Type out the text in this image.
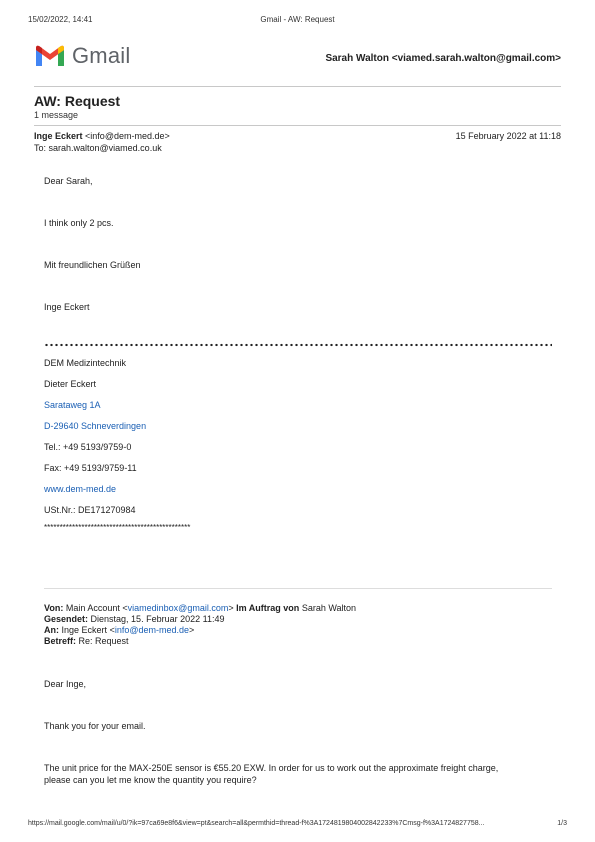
15/02/2022, 14:41	Gmail - AW: Request
Gmail	Sarah Walton <viamed.sarah.walton@gmail.com>
AW: Request
1 message
Inge Eckert <info@dem-med.de>	15 February 2022 at 11:18
To: sarah.walton@viamed.co.uk
Dear Sarah,
I think only 2 pcs.
Mit freundlichen Grüßen
Inge Eckert
DEM Medizintechnik
Dieter Eckert
Sarataweg 1A
D-29640 Schneverdingen
Tel.: +49 5193/9759-0
Fax: +49 5193/9759-11
www.dem-med.de
USt.Nr.: DE171270984
***********************************************
Von: Main Account <viamedinbox@gmail.com> Im Auftrag von Sarah Walton
Gesendet: Dienstag, 15. Februar 2022 11:49
An: Inge Eckert <info@dem-med.de>
Betreff: Re: Request
Dear Inge,
Thank you for your email.
The unit price for the MAX-250E sensor is €55.20 EXW. In order for us to work out the approximate freight charge,
please can you let me know the quantity you require?
https://mail.google.com/mail/u/0/?ik=97ca69e8f6&view=pt&search=all&permthid=thread-f%3A1724819804002842233%7Cmsg-f%3A1724827758...	1/3
